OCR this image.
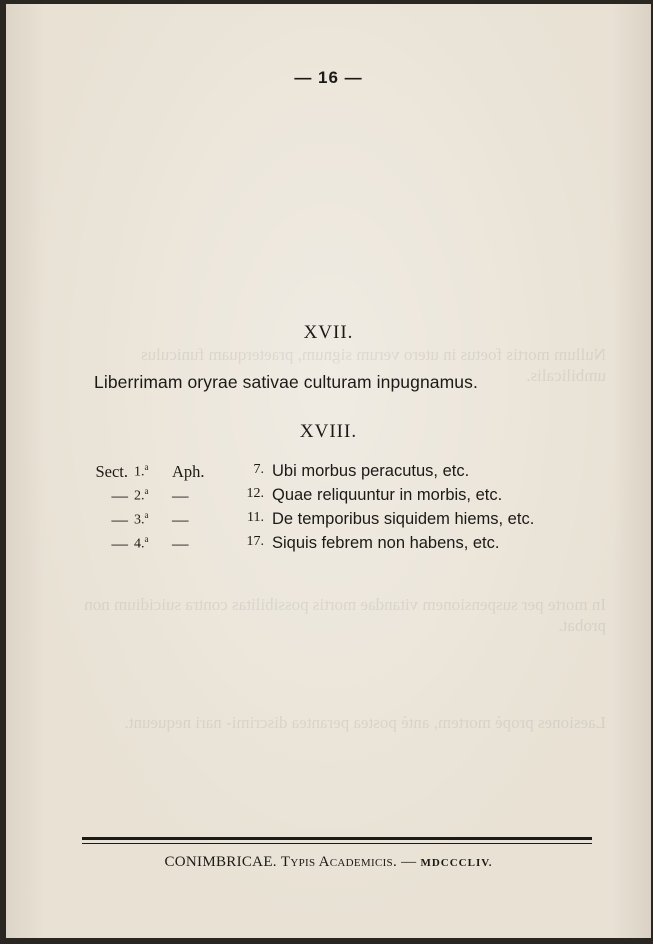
Nullum mortis foetus in utero verum signum, praeterquam funiculus umbilicalis.
In morte per suspensionem vitandae mortis possibilitas contra suicidium non probat.
Laesiones propè mortem, antè postea perantea discrimi- nari nequeunt.
— 16 —
XVII.
Liberrimam oryrae sativae culturam inpugnamus.
XVIII.
Sect. 1.$^a$ Aph.	7. Ubi morbus peracutus, etc.
— 2.$^a$ —	12. Quae reliquuntur in morbis, etc.
— 3.$^a$ —	11. De temporibus siquidem hiems, etc.
— 4.$^a$ —	17. Siquis febrem non habens, etc.
CONIMBRICAE. Typis Academicis. — MDCCCLIV.
